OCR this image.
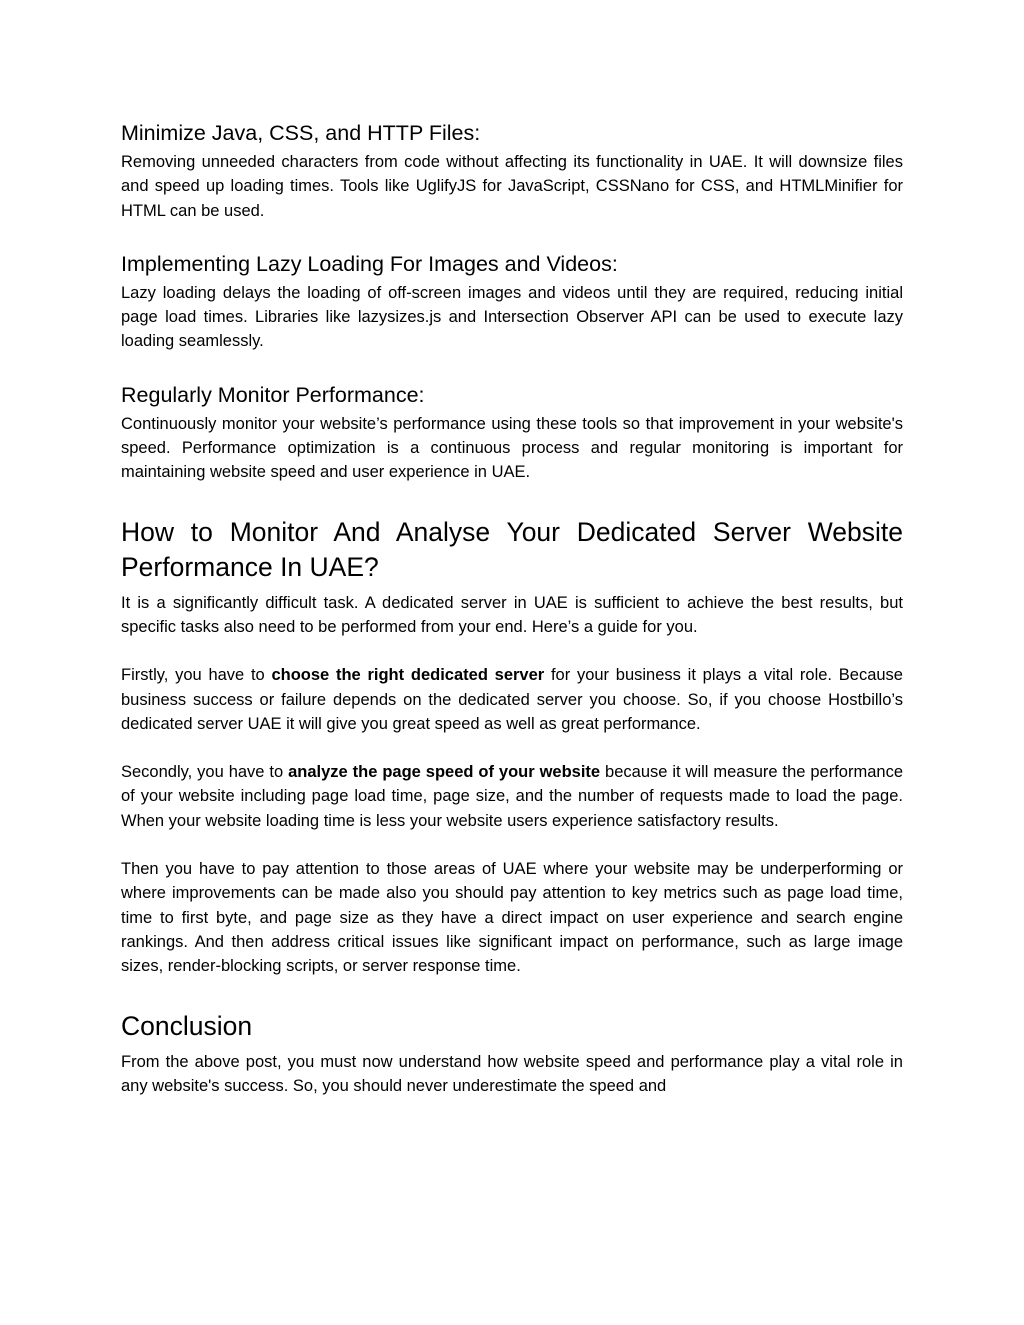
Minimize Java, CSS, and HTTP Files:

Removing unneeded characters from code without affecting its functionality in UAE. It will downsize files and speed up loading times. Tools like UglifyJS for JavaScript, CSSNano for CSS, and HTMLMinifier for HTML can be used.

Implementing Lazy Loading For Images and Videos:

Lazy loading delays the loading of off-screen images and videos until they are required, reducing initial page load times. Libraries like lazysizes.js and Intersection Observer API can be used to execute lazy loading seamlessly.

Regularly Monitor Performance:

Continuously monitor your website’s performance using these tools so that improvement in your website's speed. Performance optimization is a continuous process and regular monitoring is important for maintaining website speed and user experience in UAE.

How to Monitor And Analyse Your Dedicated Server Website Performance In UAE?

It is a significantly difficult task. A dedicated server in UAE is sufficient to achieve the best results, but specific tasks also need to be performed from your end. Here’s a guide for you.

Firstly, you have to choose the right dedicated server for your business it plays a vital role. Because business success or failure depends on the dedicated server you choose. So, if you choose Hostbillo’s dedicated server UAE it will give you great speed as well as great performance.

Secondly, you have to analyze the page speed of your website because it will measure the performance of your website including page load time, page size, and the number of requests made to load the page. When your website loading time is less your website users experience satisfactory results.

Then you have to pay attention to those areas of UAE where your website may be underperforming or where improvements can be made also you should pay attention to key metrics such as page load time, time to first byte, and page size as they have a direct impact on user experience and search engine rankings. And then address critical issues like significant impact on performance, such as large image sizes, render-blocking scripts, or server response time.

Conclusion

From the above post, you must now understand how website speed and performance play a vital role in any website's success. So, you should never underestimate the speed and
